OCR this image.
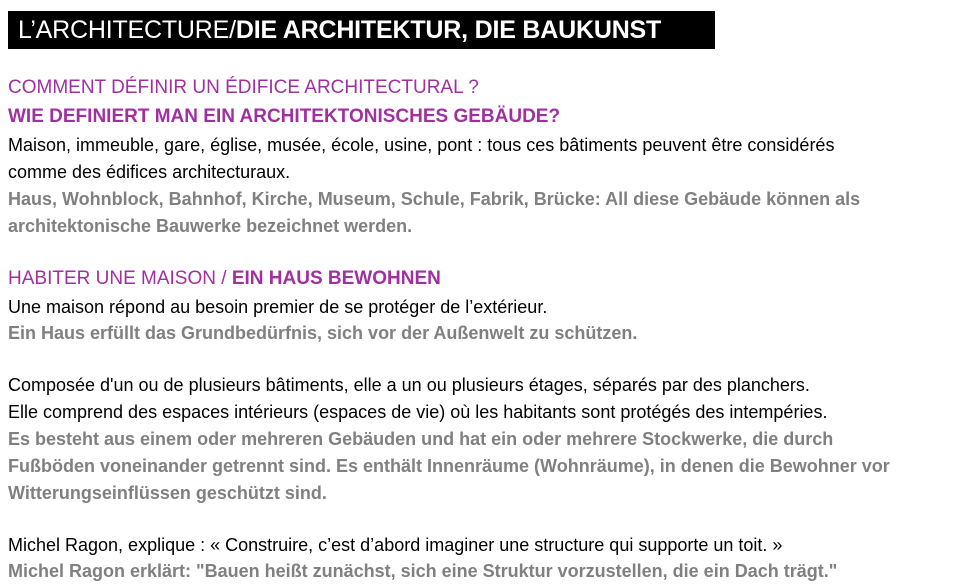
L’ARCHITECTURE / DIE ARCHITEKTUR, DIE BAUKUNST
COMMENT DÉFINIR UN ÉDIFICE ARCHITECTURAL ?
WIE DEFINIERT MAN EIN ARCHITEKTONISCHES GEBÄUDE?
Maison, immeuble, gare, église, musée, école, usine, pont : tous ces bâtiments peuvent être considérés
comme des édifices architecturaux.
Haus, Wohnblock, Bahnhof, Kirche, Museum, Schule, Fabrik, Brücke: All diese Gebäude können als
architektonische Bauwerke bezeichnet werden.
HABITER UNE MAISON / EIN HAUS BEWOHNEN
Une maison répond au besoin premier de se protéger de l’extérieur.
Ein Haus erfüllt das Grundbedürfnis, sich vor der Außenwelt zu schützen.
Composée d'un ou de plusieurs bâtiments, elle a un ou plusieurs étages, séparés par des planchers.
Elle comprend des espaces intérieurs (espaces de vie) où les habitants sont protégés des intempéries.
Es besteht aus einem oder mehreren Gebäuden und hat ein oder mehrere Stockwerke, die durch
Fußböden voneinander getrennt sind. Es enthält Innenräume (Wohnräume), in denen die Bewohner vor
Witterungseinflüssen geschützt sind.
Michel Ragon, explique : « Construire, c’est d’abord imaginer une structure qui supporte un toit. »
Michel Ragon erklärt: "Bauen heißt zunächst, sich eine Struktur vorzustellen, die ein Dach trägt."
